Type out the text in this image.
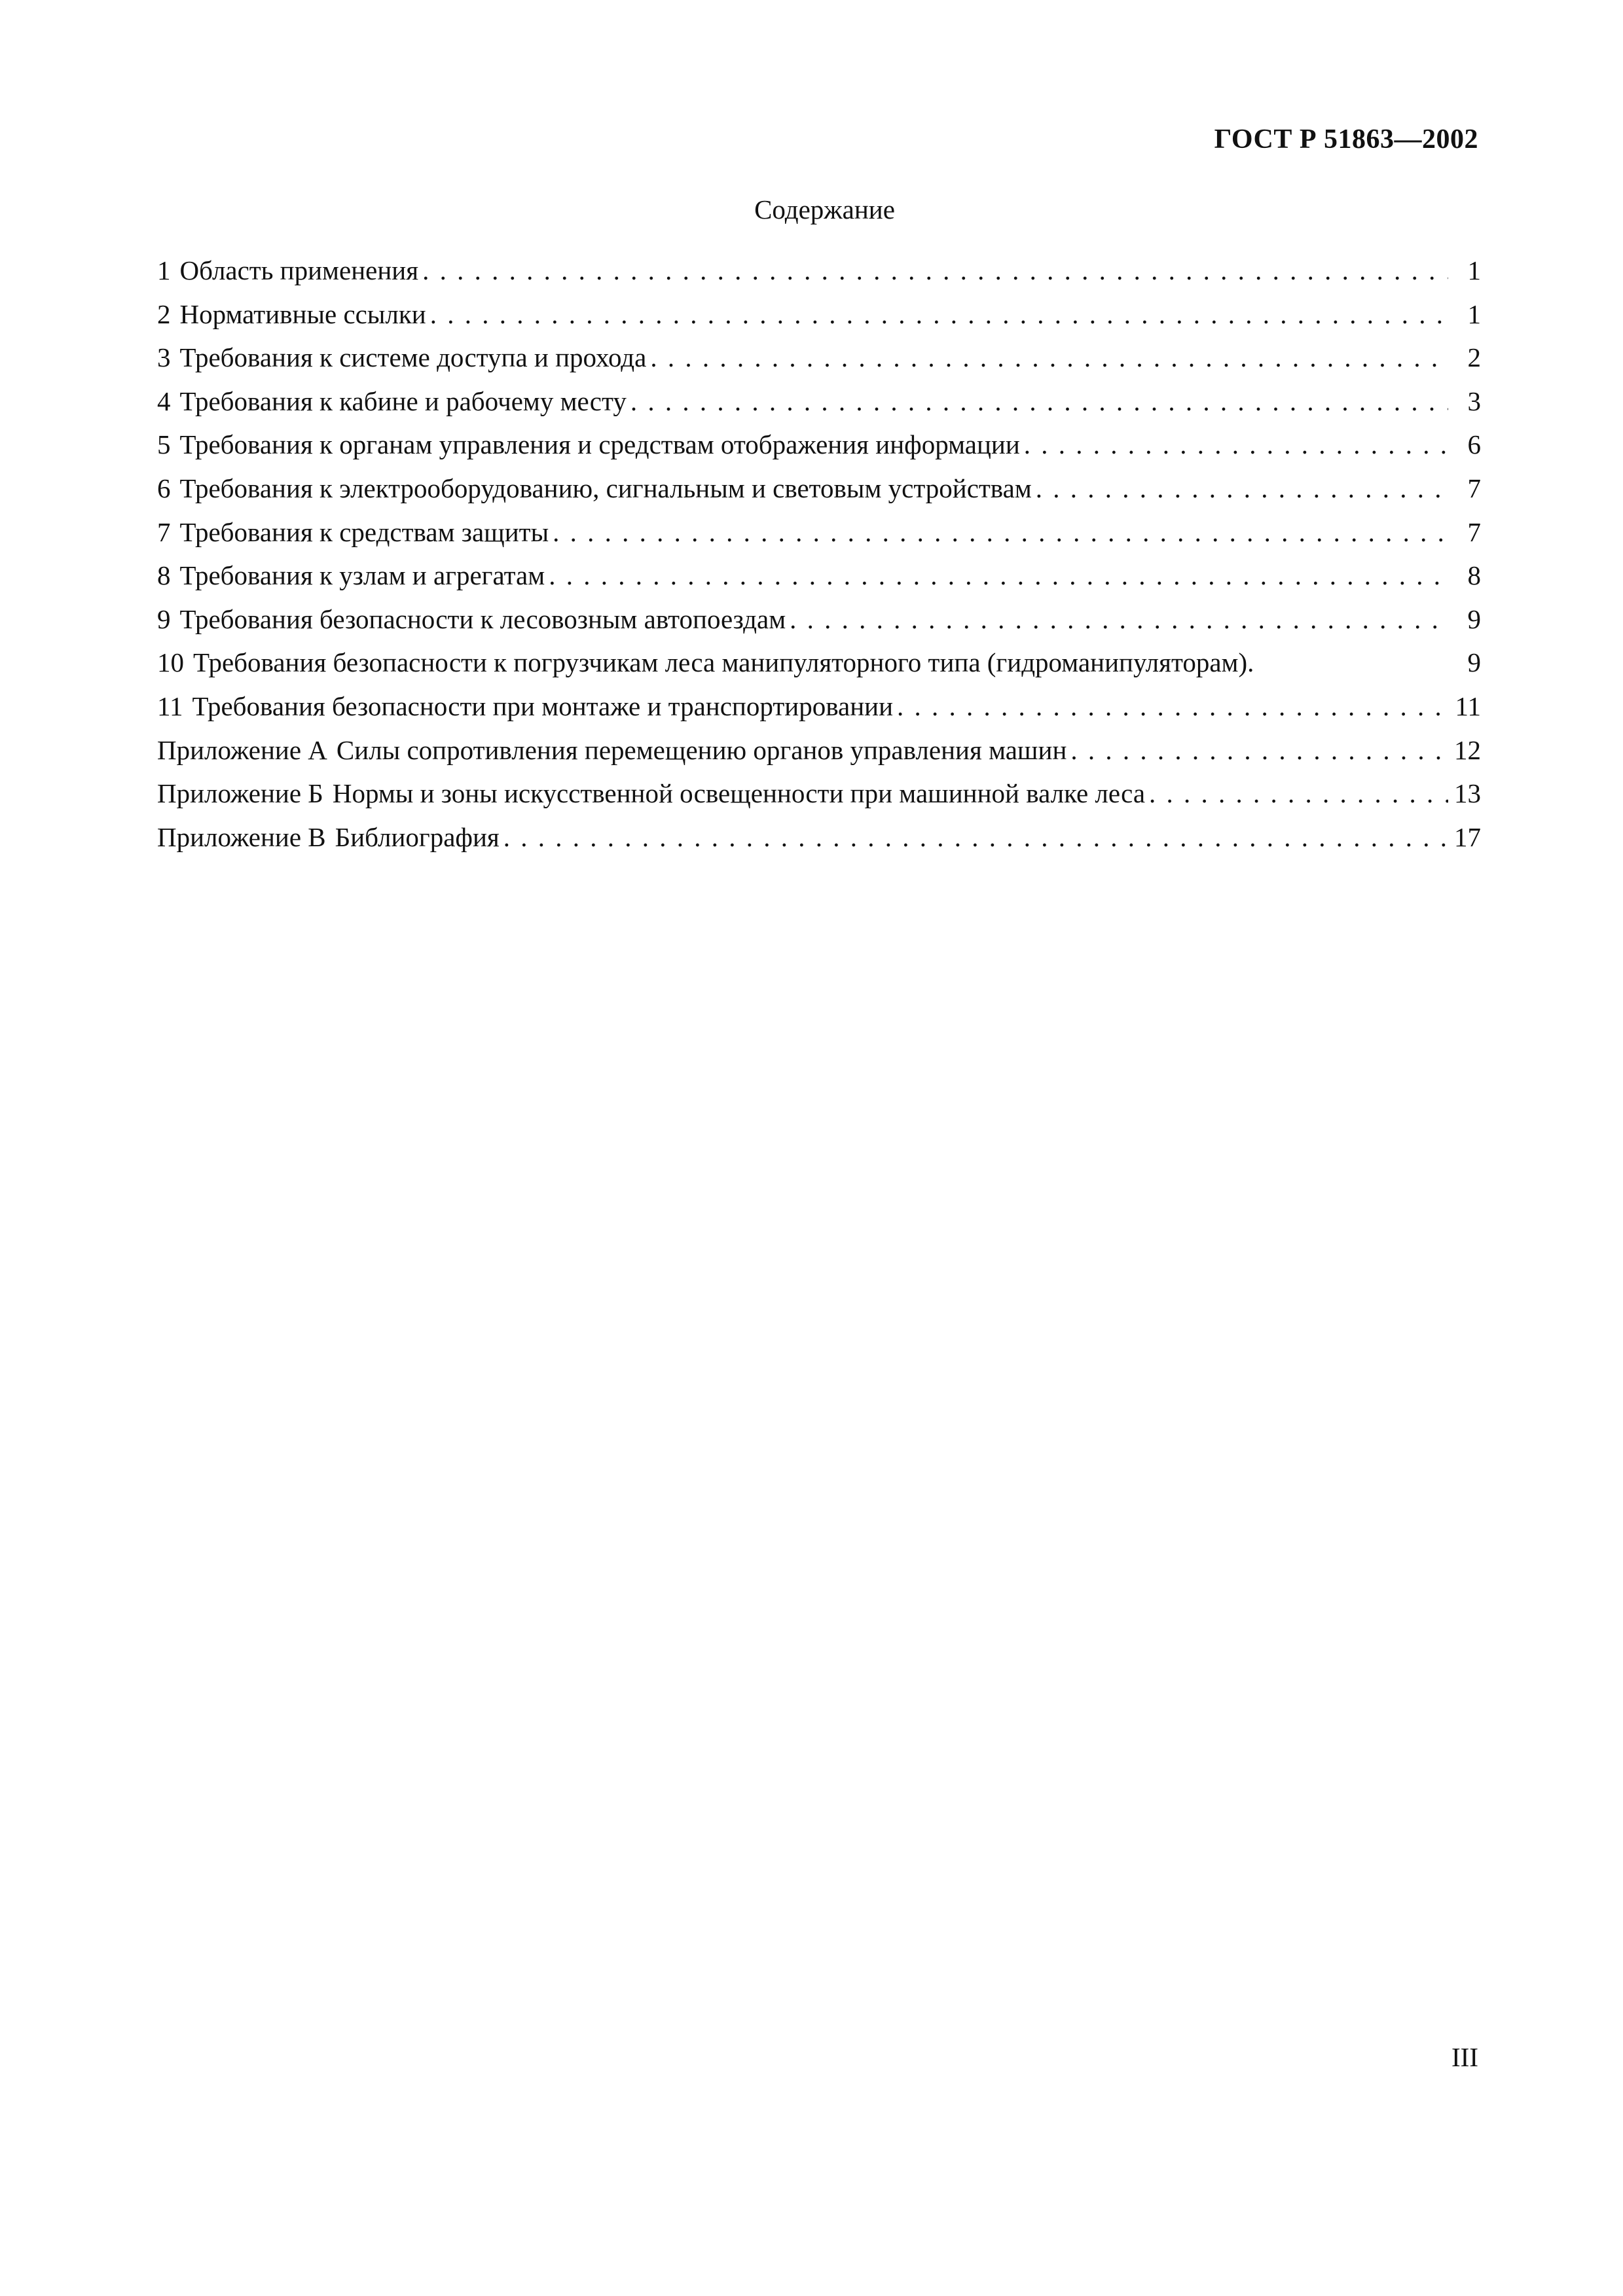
ГОСТ Р 51863—2002
Содержание
1 Область применения . . .	1
2 Нормативные ссылки . . .	1
3 Требования к системе доступа и прохода . . .	2
4 Требования к кабине и рабочему месту . . .	3
5 Требования к органам управления и средствам отображения информации . . .	6
6 Требования к электрооборудованию, сигнальным и световым устройствам . . .	7
7 Требования к средствам защиты . . .	7
8 Требования к узлам и агрегатам . . .	8
9 Требования безопасности к лесовозным автопоездам . . .	9
10 Требования безопасности к погрузчикам леса манипуляторного типа (гидроманипуляторам).	9
11 Требования безопасности при монтаже и транспортировании . . .	11
Приложение А Силы сопротивления перемещению органов управления машин . . .	12
Приложение Б Нормы и зоны искусственной освещенности при машинной валке леса . . .	13
Приложение В Библиография . . .	17
III
